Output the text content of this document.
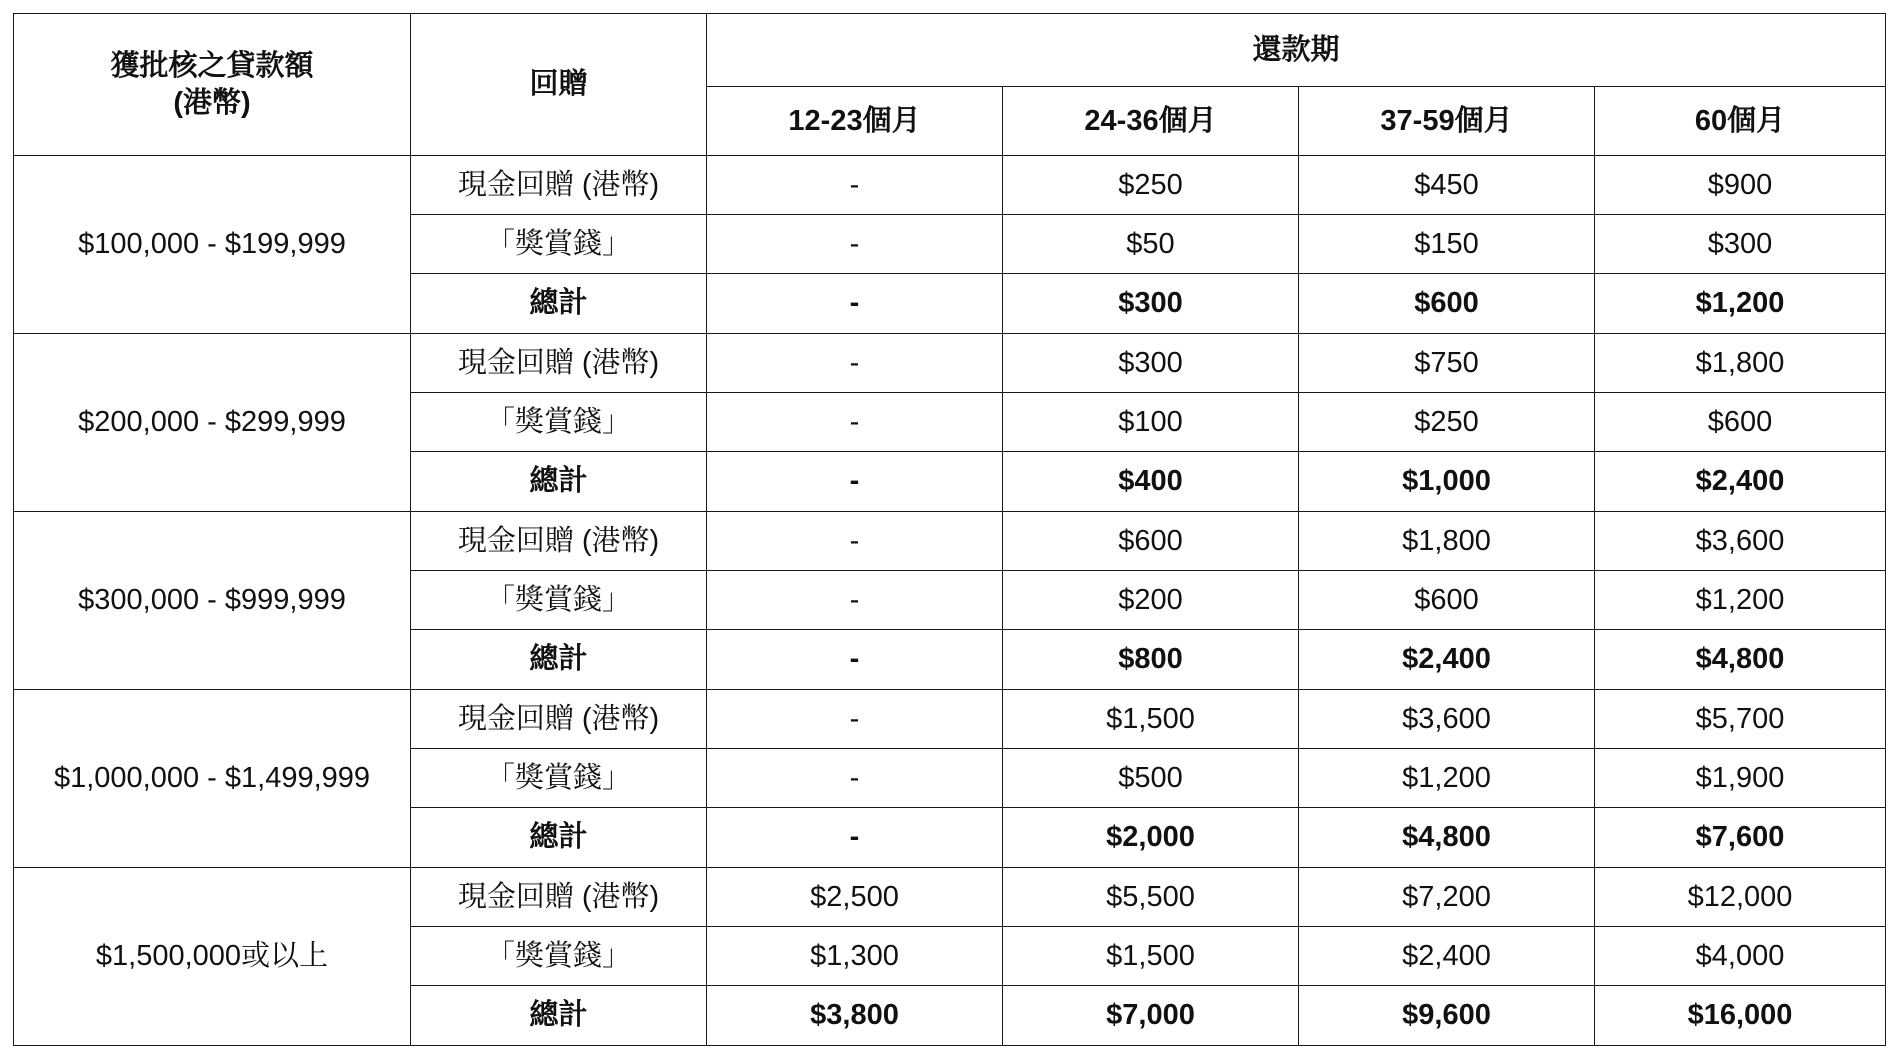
獲批核之貸款額
(港幣)	回贈	還款期			
		12-23個月	24-36個月	37-59個月	60個月
$100,000 - $199,999	現金回贈 (港幣)	-	$250	$450	$900
	「獎賞錢」	-	$50	$150	$300
	總計	-	$300	$600	$1,200
$200,000 - $299,999	現金回贈 (港幣)	-	$300	$750	$1,800
	「獎賞錢」	-	$100	$250	$600
	總計	-	$400	$1,000	$2,400
$300,000 - $999,999	現金回贈 (港幣)	-	$600	$1,800	$3,600
	「獎賞錢」	-	$200	$600	$1,200
	總計	-	$800	$2,400	$4,800
$1,000,000 - $1,499,999	現金回贈 (港幣)	-	$1,500	$3,600	$5,700
	「獎賞錢」	-	$500	$1,200	$1,900
	總計	-	$2,000	$4,800	$7,600
$1,500,000或以上	現金回贈 (港幣)	$2,500	$5,500	$7,200	$12,000
	「獎賞錢」	$1,300	$1,500	$2,400	$4,000
	總計	$3,800	$7,000	$9,600	$16,000
